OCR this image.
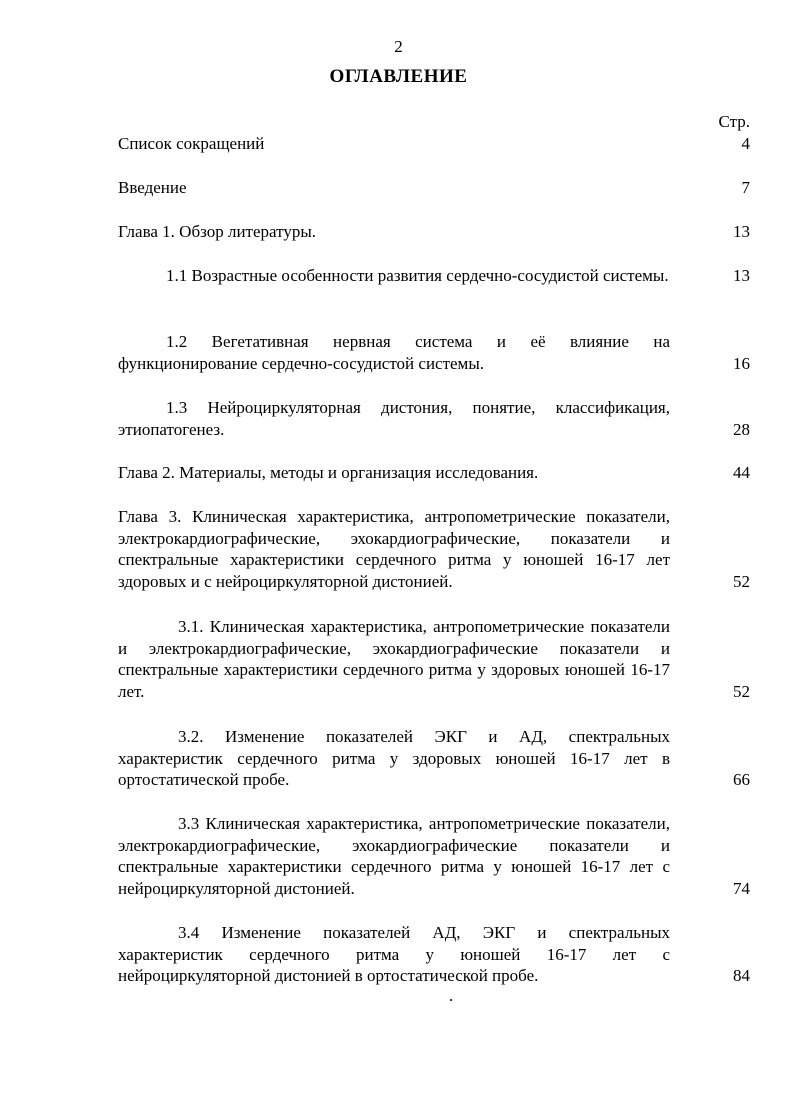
2
ОГЛАВЛЕНИЕ
Стр.
Список сокращений	4
Введение	7
Глава 1. Обзор литературы.	13
1.1 Возрастные особенности развития сердечно-сосудистой системы.	13
1.2 Вегетативная нервная система и её влияние на функционирование сердечно-сосудистой системы.	16
1.3 Нейроциркуляторная дистония, понятие, классификация, этиопатогенез.	28
Глава 2. Материалы, методы и организация исследования.	44
Глава 3. Клиническая характеристика, антропометрические показатели, электрокардиографические, эхокардиографические, показатели и спектральные характеристики сердечного ритма у юношей 16-17 лет здоровых и с нейроциркуляторной дистонией.	52
3.1. Клиническая характеристика, антропометрические показатели и электрокардиографические, эхокардиографические показатели и спектральные характеристики сердечного ритма у здоровых юношей 16-17 лет.	52
3.2. Изменение показателей ЭКГ и АД, спектральных характеристик сердечного ритма у здоровых юношей 16-17 лет в ортостатической пробе.	66
3.3 Клиническая характеристика, антропометрические показатели, электрокардиографические, эхокардиографические показатели и спектральные характеристики сердечного ритма у юношей 16-17 лет с нейроциркуляторной дистонией.	74
3.4 Изменение показателей АД, ЭКГ и спектральных характеристик сердечного ритма у юношей 16-17 лет с нейроциркуляторной дистонией в ортостатической пробе.	84
.
